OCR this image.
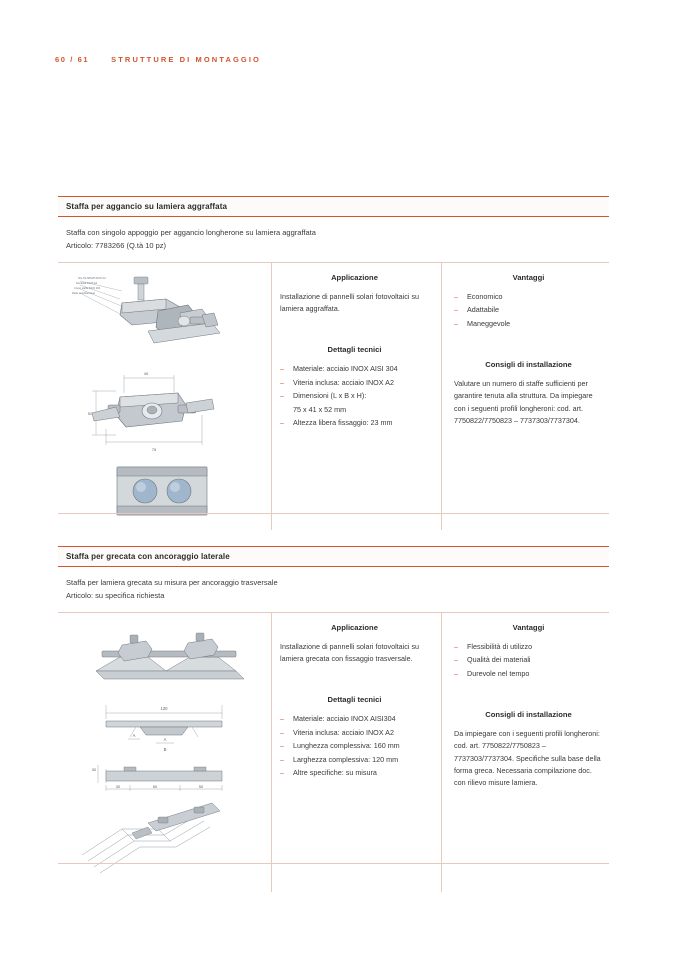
60 / 61	STRUTTURE DI MONTAGGIO
Staffa per aggancio su lamiera aggraffata
Staffa con singolo appoggio per aggancio longherone su lamiera aggraffata
Articolo: 7783266 (Q.tà 10 pz)
Vite TE M8x25 INOX A2
Rondella INOX A2
Corpo staffa INOX 304
Dado autobloccante
40
52
75
Applicazione
Installazione di pannelli solari fotovoltaici su lamiera aggraffata.
Dettagli tecnici
– Materiale: acciaio INOX AISI 304
– Viteria inclusa: acciaio INOX A2
– Dimensioni (L x B x H):
75 x 41 x 52 mm
– Altezza libera fissaggio: 23 mm
Vantaggi
– Economico
– Adattabile
– Maneggevole
Consigli di installazione
Valutare un numero di staffe sufficienti per garantire tenuta alla struttura. Da impiegare con i seguenti profili longheroni: cod. art. 7750822/7750823 – 7737303/7737304.
Staffa per grecata con ancoraggio laterale
Staffa per lamiera grecata su misura per ancoraggio trasversale
Articolo: su specifica richiesta
120
A
A
B
30
30	50	50
Applicazione
Installazione di pannelli solari fotovoltaici su lamiera grecata con fissaggio trasversale.
Dettagli tecnici
– Materiale: acciaio INOX AISI304
– Viteria inclusa: acciaio INOX A2
– Lunghezza complessiva: 160 mm
– Larghezza complessiva: 120 mm
– Altre specifiche: su misura
Vantaggi
– Flessibilità di utilizzo
– Qualità dei materiali
– Durevole nel tempo
Consigli di installazione
Da impiegare con i seguenti profili longheroni: cod. art. 7750822/7750823 – 7737303/7737304. Specifiche sulla base della forma greca. Necessaria compilazione doc. con rilievo misure lamiera.
